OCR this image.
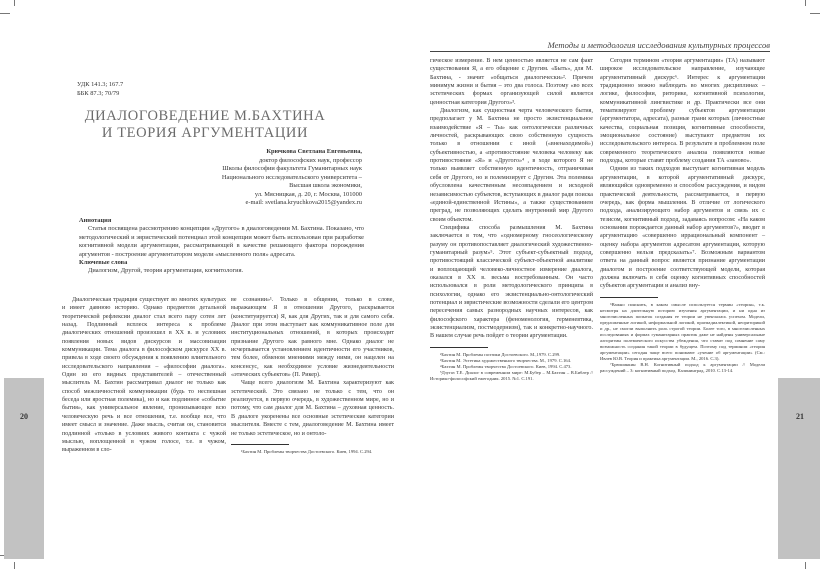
20
УДК 141.3; 167.7
ББК 87.3; 70/79
ДИАЛОГОВЕДЕНИЕ М.БАХТИНА
И ТЕОРИЯ АРГУМЕНТАЦИИ
Крючкова Светлана Евгеньевна,
доктор философских наук, профессор
Школы философии факультета Гуманитарных наук
Национального исследовательского университета –
Высшая школа экономики,
ул. Мясницкая, д. 20, г. Москва, 101000
e-mail: svetlana.kryuchkova2015@yandex.ru
Аннотация

Статья посвящена рассмотрению концепции «Другого» в диалоговедении М. Бахтина. Показано, что методологический и эвристический потенциал этой концепции может быть использован при разработке когнитивной модели аргументации, рассматривающей в качестве решающего фактора порождения аргументов - построение аргументатором модели «мысленного поля» адресата.

Ключевые слова

Диалогизм, Другой, теория аргументации, когнитология.

Диалогическая традиция существует во многих культурах и имеет давнюю историю. Однако предметом детальной теоретической рефлексии диалог стал всего пару сотен лет назад. Подлинный всплеск интереса к проблеме диалогических отношений произошел в XX в. и условиях появления новых видов дискурсов и массовизации коммуникации. Тема диалога в философском дискурсе XX в. привела в ходе своего обсуждения к появлению влиятельного исследовательского направления – «философии диалога». Один из его видных представителей – отечественный мыслитель М. Бахтин рассматривал диалог не только как способ межличностной коммуникации (будь то неспешная беседа или яростная полемика), но и как подлинное «событие бытия», как универсальное явление, пронизывающее всю человеческую речь и все отношения, т.е. вообще все, что имеет смысл и значение. Даже мысль, считая он, становится подлинной «только в условиях живого контакта с чужой мыслью, воплощенной в чужом голосе, т.е. в чужом, выраженном в сло-

ве сознании»¹. Только в общении, только в слове, выражающем Я в отношении Другого, раскрывается (конституируется) Я, как для Других, так и для самого себя. Диалог при этом выступает как коммуникативное поле для институциональных отношений, в которых происходит признание Другого как равного мне. Однако диалог не исчерпывается установлением идентичности его участников, тем более, обменом мнениями между ними, он нацелен на консенсус, как необходимое условие жизнедеятельности «этических субъектов» (П. Рикер).

Чаще всего диалогизм М. Бахтина характеризуют как эстетический. Это связано не только с тем, что он реализуется, в первую очередь, в художественном мире, но и потому, что сам диалог для М. Бахтина – духовная ценность. В диалоге укоренены все основные эстетические категории мыслителя. Вместе с тем, диалоговедение М. Бахтина имеет не только эстетическое, но и онтоло-

¹Бахтин М. Проблемы творчества Достоевского. Киев, 1994. С.294.

Методы и методология исследования культурных процессов
21

гическое измерение. В нем ценностью является не сам факт существования Я, а его общение с Другим. «Быть», для М. Бахтина, - значит «общаться диалогически»². Причем минимум жизни и бытия – это два голоса. Поэтому «во всех эстетических формах организующей силой является ценностная категория Другого»³.

Диалогизм, как сущностная черта человеческого бытия, предполагает у М. Бахтина не просто экзистенциальное взаимодействие «Я – Ты» как онтологически различных личностей, раскрывающих свою собственную сущность только в отношении с иной («вненаходимой») субъективностью, а «противостояние человека человеку как противостояние «Я» и «Другого»⁴ , в ходе которого Я не только выявляет собственную идентичность, отграничивая себя от Другого, но и полемизирует с Другим. Эта полемика обусловлена качественным несовпадением и исходной независимостью субъектов, вступающих в диалог ради поиска «единой-единственной Истины», а также существованием преград, не позволяющих сделать внутренний мир Другого своим объектом.

Специфика способа размышления М. Бахтина заключается в том, что «одномерному гносеологическому разуму он противопоставляет диалогический художественно-гуманитарный разум»⁵. Этот субъект-субъектный подход, противостоящий классической субъект-объектной аналитике и воплощающий человеко-личностное измерение диалога, оказался в XX в. весьма востребованным. Он часто использовался в роли методологического принципа в психологии, однако его экзистенциально-онтологический потенциал и эвристические возможности сделали его центром пересечения самых разнородных научных интересов, как философского характера (феноменология, герменевтика, экзистенциализм, постмодернизм), так и конкретно-научного. В нашем случае речь пойдет о теории аргументации.

²Бахтин М. Проблемы поэтики Достоевского. М.,1979. С.299.

³Бахтин М. Эстетика художественного творчества. М., 1979. С.164.

⁴Бахтин М. Проблемы творчества Достоевского. Киев, 1994. С.473.

⁵Дзугаз Т.Е. Диалог в современном мире: М.Бубер – М.Бахтин – В.Библер // Историко-философский ежегодник. 2015. №1. С.191.

Сегодня термином «теория аргументации» (ТА) называют широкое исследовательское направление, изучающее аргументативный дискурс⁶. Интерес к аргументации традиционно можно наблюдать во многих дисциплинах – логике, философии, риторике, когнитивной психологии, коммуникативной лингвистике и др. Практически все они тематизируют проблему субъектов аргументации (аргументатора, адресата), разные грани которых (личностные качества, социальная позиция, когнитивные способности, эмоциональное состояние) выступают предметом их исследовательского интереса. В результате в проблемном поле современного теоретического анализа появляются новые подходы, которые ставят проблему создания ТА «заново».

Одним из таких подходов выступает когнитивная модель аргументации, в которой аргументативный дискурс, являющийся одновременно и способом рассуждения, и видом практической деятельности, рассматривается, в первую очередь, как форма мышления. В отличие от логического подхода, анализирующего набор аргументов и связь их с тезисом, когнитивный подход, задаваясь вопросом: «На каком основании порождается данный набор аргументов?», вводит в аргументацию «совершенно иррациональный компонент – оценку набора аргументов адресатом аргументации, которую совершенно нельзя предсказать»⁷. Возможным вариантом ответа на данный вопрос является признание аргументации диалогом и построение соответствующей модели, которая должна включать в себя оценку когнитивных способностей субъектов аргументации и анализ вну-

⁶Важно пояснить, в каком смысле используется термин «теория», т.к. несмотря на длительную историю изучения аргументации, и ни одна из многочисленных попыток создания ее теории не увенчалась успехом. Модели, предложенные логикой, неформальной логикой, прагмадиалектикой, неориторикой и др., не смогли выполнить роль строгой теории. Более того, в многочисленных исследованиях и формах гуманитарных практик даже не найдены универсальные алгоритмы полемического искусства убеждения, что ставит под сомнение саму возможность создания такой теории в будущем. Поэтому под термином «теория аргументации» сегодня чаще всего понимают «учение об аргументации» (См.: Ивлев Ю.В. Теория и практика аргументации. М., 2016. С.3).

⁷Брюшинкин В.Н. Когнитивный подход к аргументации // Модели рассуждений – 3: когнитивный подход. Калининград, 2010. С.13-14.
